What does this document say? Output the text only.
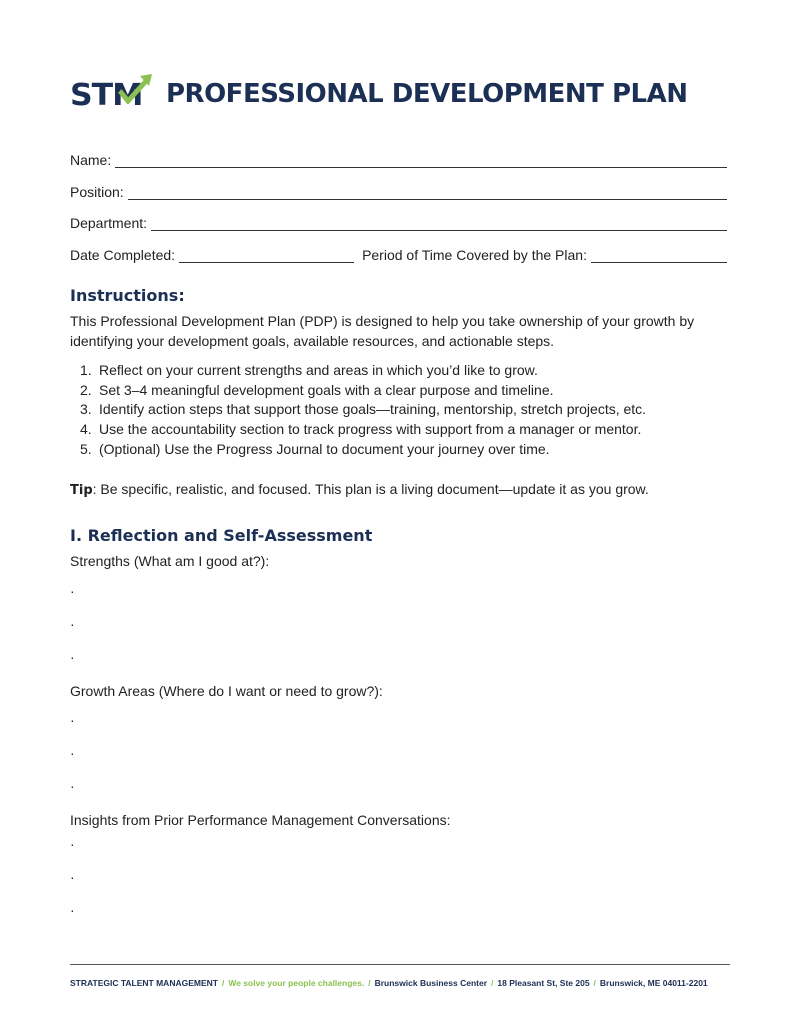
STM PROFESSIONAL DEVELOPMENT PLAN
Name:
Position:
Department:
Date Completed:	Period of Time Covered by the Plan:
Instructions:
This Professional Development Plan (PDP) is designed to help you take ownership of your growth by identifying your development goals, available resources, and actionable steps.
1. Reflect on your current strengths and areas in which you’d like to grow.
2. Set 3–4 meaningful development goals with a clear purpose and timeline.
3. Identify action steps that support those goals—training, mentorship, stretch projects, etc.
4. Use the accountability section to track progress with support from a manager or mentor.
5. (Optional) Use the Progress Journal to document your journey over time.
Tip: Be specific, realistic, and focused. This plan is a living document—update it as you grow.
I. Reflection and Self-Assessment
Strengths (What am I good at?):
·
·
·
Growth Areas (Where do I want or need to grow?):
·
·
·
Insights from Prior Performance Management Conversations:
·
·
·
STRATEGIC TALENT MANAGEMENT / We solve your people challenges. / Brunswick Business Center / 18 Pleasant St, Ste 205 / Brunswick, ME 04011-2201
